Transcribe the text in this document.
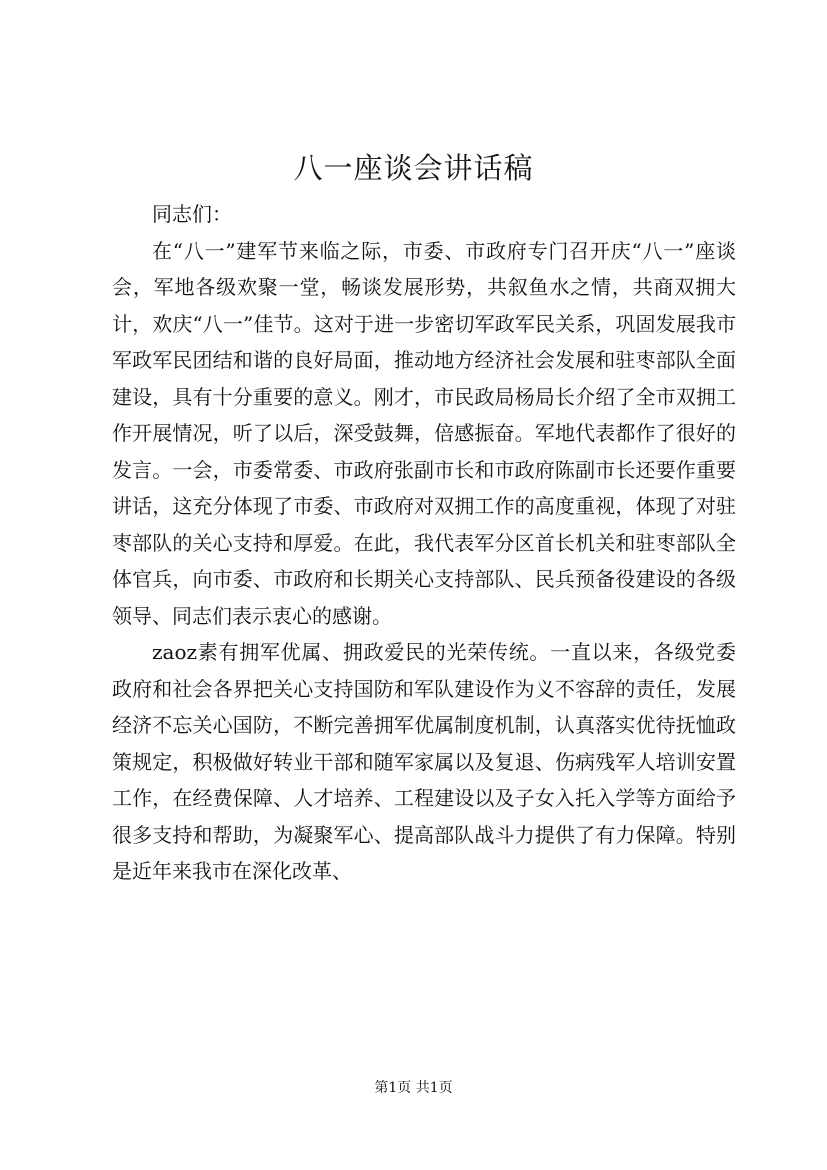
八一座谈会讲话稿

同志们：

在“八一”建军节来临之际，市委、市政府专门召开庆“八一”座谈会，军地各级欢聚一堂，畅谈发展形势，共叙鱼水之情，共商双拥大计，欢庆“八一”佳节。这对于进一步密切军政军民关系，巩固发展我市军政军民团结和谐的良好局面，推动地方经济社会发展和驻枣部队全面建设，具有十分重要的意义。刚才，市民政局杨局长介绍了全市双拥工作开展情况，听了以后，深受鼓舞，倍感振奋。军地代表都作了很好的发言。一会，市委常委、市政府张副市长和市政府陈副市长还要作重要讲话，这充分体现了市委、市政府对双拥工作的高度重视，体现了对驻枣部队的关心支持和厚爱。在此，我代表军分区首长机关和驻枣部队全体官兵，向市委、市政府和长期关心支持部队、民兵预备役建设的各级领导、同志们表示衷心的感谢。

zaoz素有拥军优属、拥政爱民的光荣传统。一直以来，各级党委政府和社会各界把关心支持国防和军队建设作为义不容辞的责任，发展经济不忘关心国防，不断完善拥军优属制度机制，认真落实优待抚恤政策规定，积极做好转业干部和随军家属以及复退、伤病残军人培训安置工作，在经费保障、人才培养、工程建设以及子女入托入学等方面给予很多支持和帮助，为凝聚军心、提高部队战斗力提供了有力保障。特别是近年来我市在深化改革、

第1页 共1页
